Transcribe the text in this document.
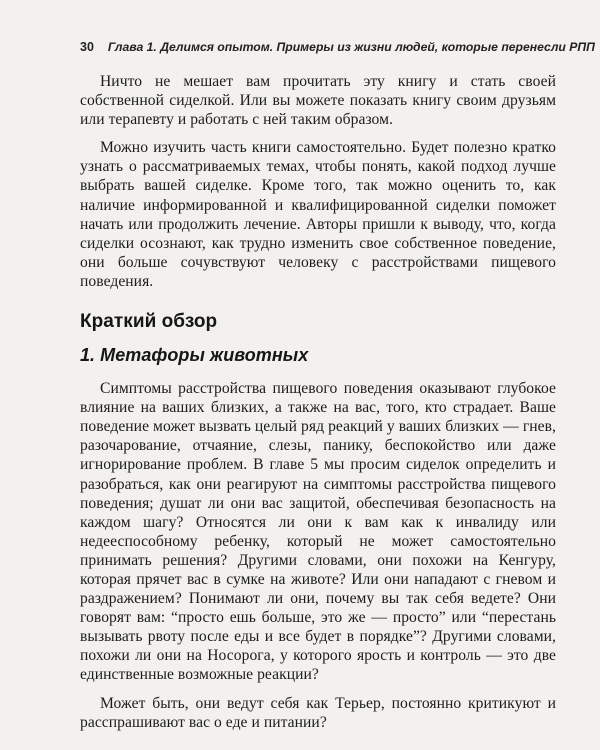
30 Глава 1. Делимся опытом. Примеры из жизни людей, которые перенесли РПП

Ничто не мешает вам прочитать эту книгу и стать своей собственной сиделкой. Или вы можете показать книгу своим друзьям или терапевту и работать с ней таким образом.

Можно изучить часть книги самостоятельно. Будет полезно кратко узнать о рассматриваемых темах, чтобы понять, какой подход лучше выбрать вашей сиделке. Кроме того, так можно оценить то, как наличие информированной и квалифицированной сиделки поможет начать или продолжить лечение. Авторы пришли к выводу, что, когда сиделки осознают, как трудно изменить свое собственное поведение, они больше сочувствуют человеку с расстройствами пищевого поведения.

Краткий обзор
1. Метафоры животных

Симптомы расстройства пищевого поведения оказывают глубокое влияние на ваших близких, а также на вас, того, кто страдает. Ваше поведение может вызвать целый ряд реакций у ваших близких — гнев, разочарование, отчаяние, слезы, панику, беспокойство или даже игнорирование проблем. В главе 5 мы просим сиделок определить и разобраться, как они реагируют на симптомы расстройства пищевого поведения; душат ли они вас защитой, обеспечивая безопасность на каждом шагу? Относятся ли они к вам как к инвалиду или недееспособному ребенку, который не может самостоятельно принимать решения? Другими словами, они похожи на Кенгуру, которая прячет вас в сумке на животе? Или они нападают с гневом и раздражением? Понимают ли они, почему вы так себя ведете? Они говорят вам: “просто ешь больше, это же — просто” или “перестань вызывать рвоту после еды и все будет в порядке”? Другими словами, похожи ли они на Носорога, у которого ярость и контроль — это две единственные возможные реакции?

Может быть, они ведут себя как Терьер, постоянно критикуют и расспрашивают вас о еде и питании?
